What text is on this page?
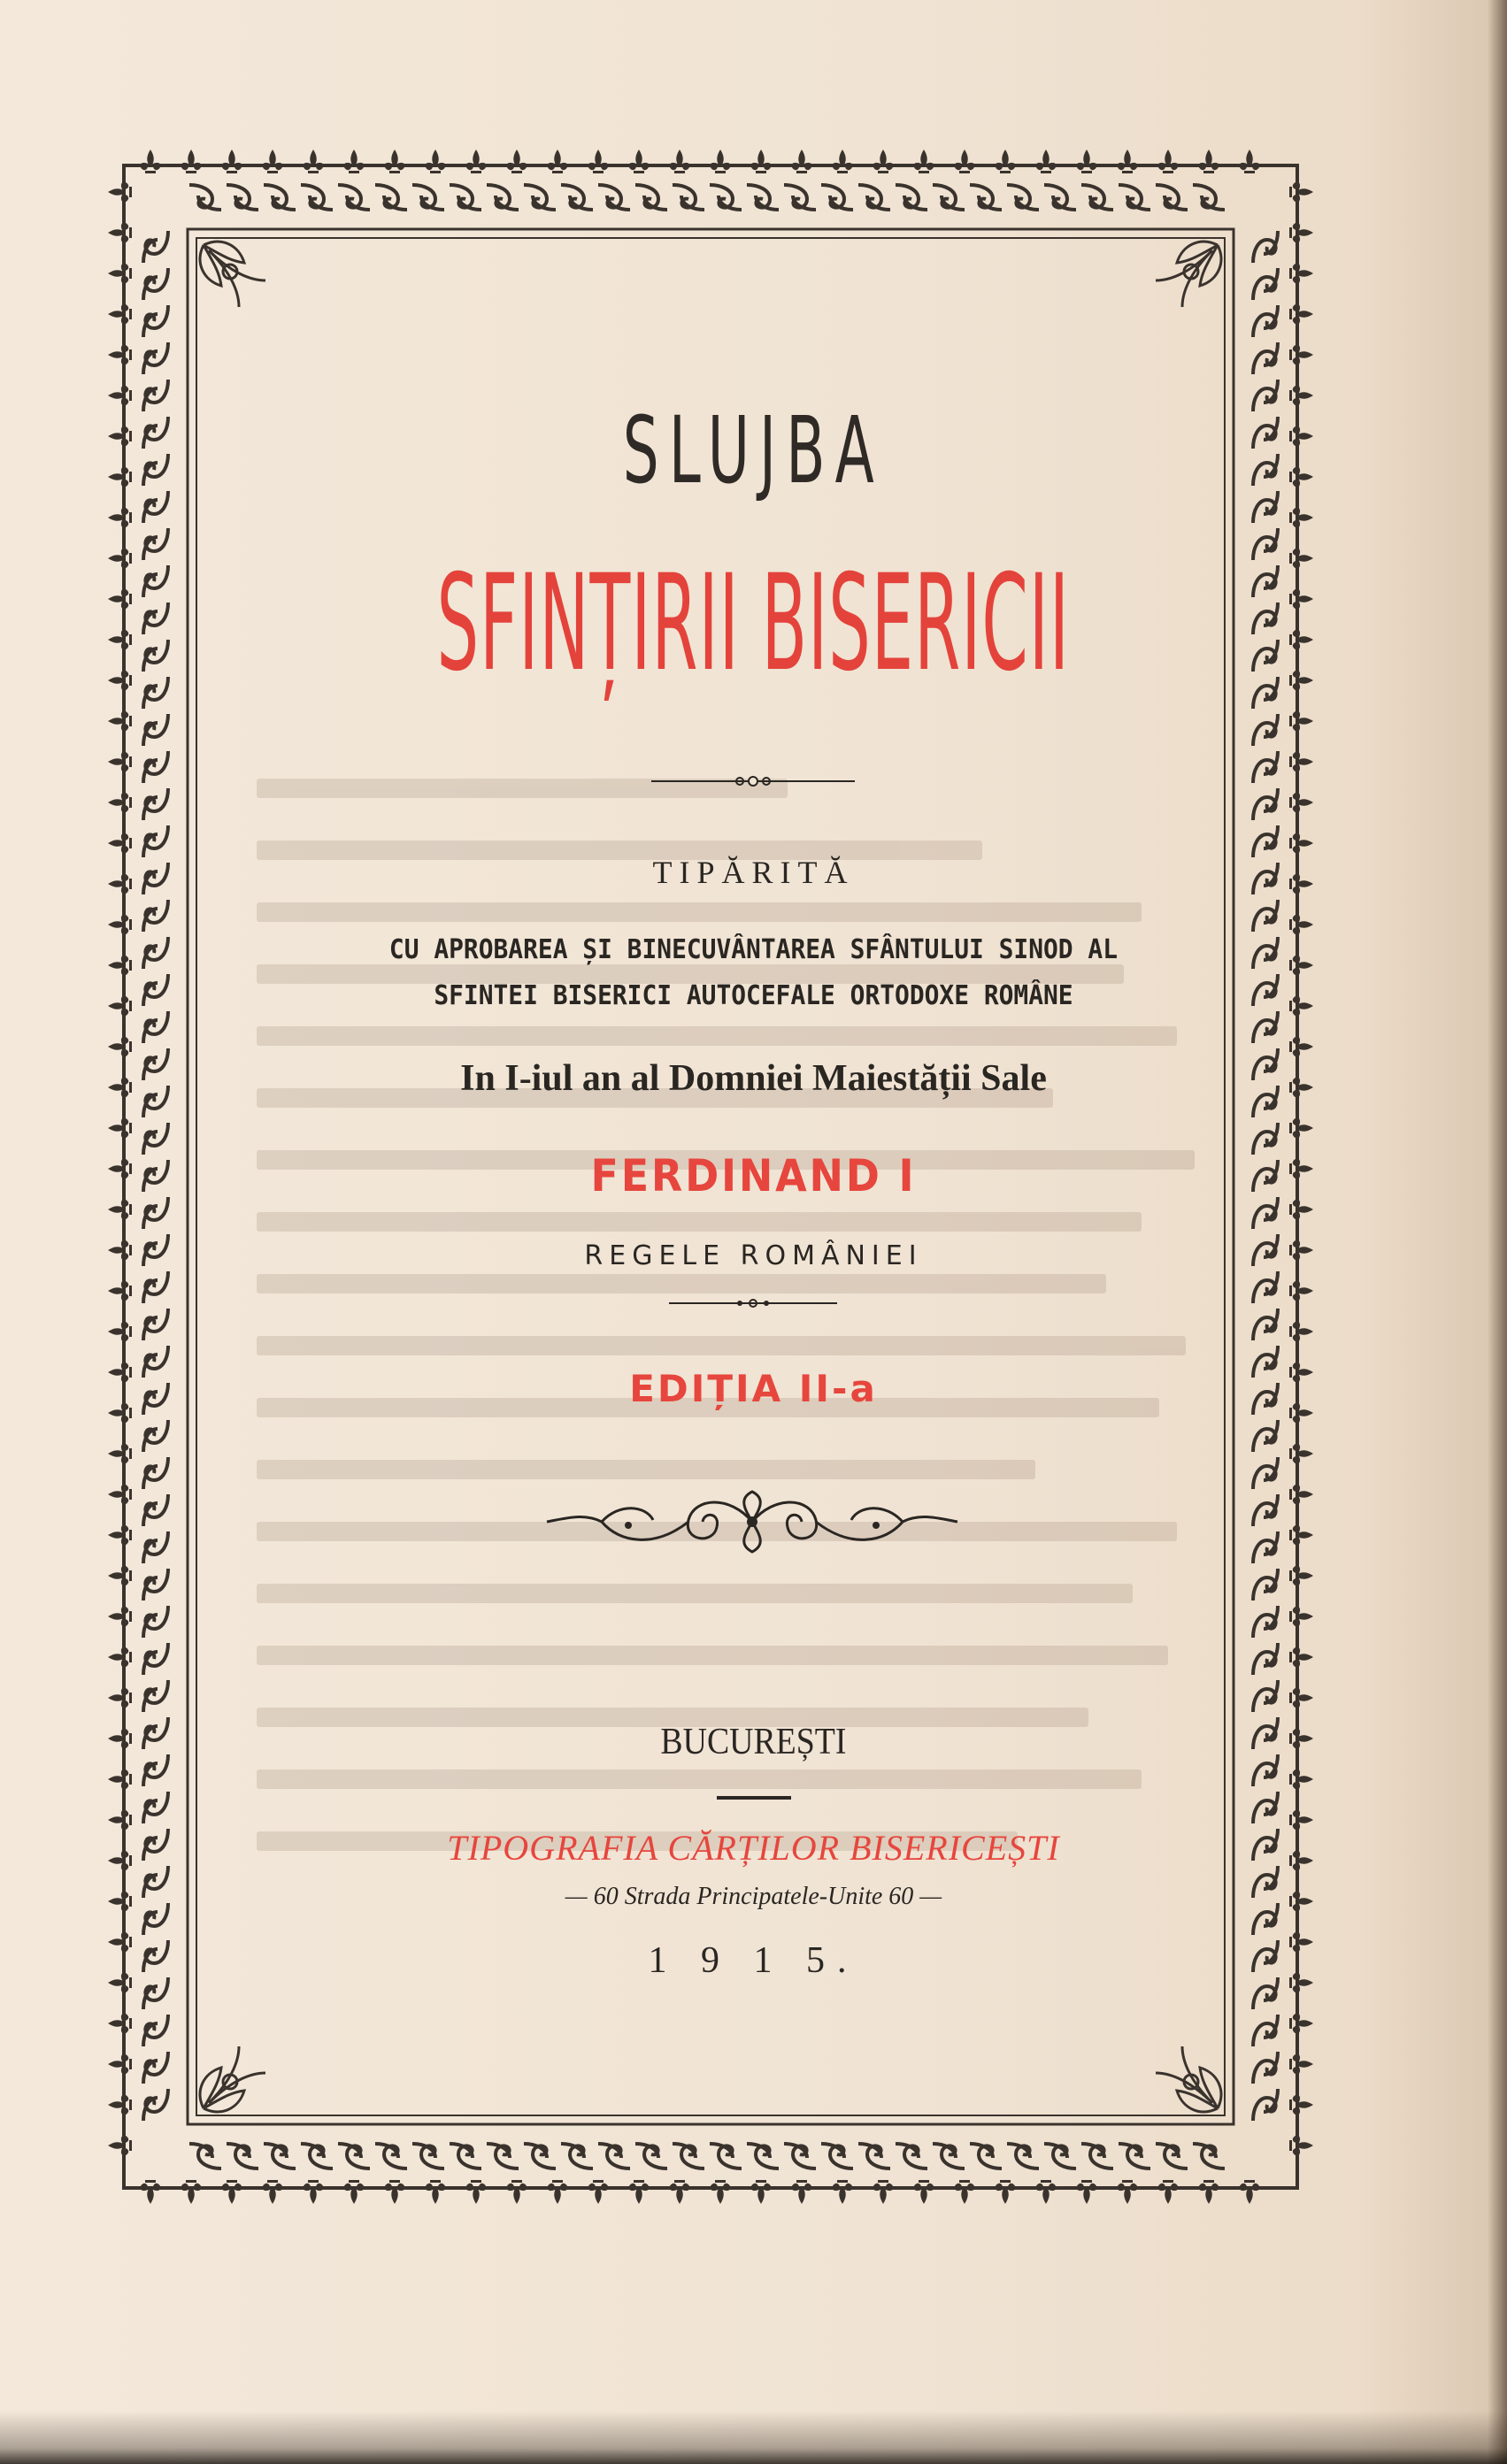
SLUJBA
SFINȚIRII BISERICII
TIPĂRITĂ
CU APROBAREA ȘI BINECUVÂNTAREA SFÂNTULUI SINOD AL
SFINTEI BISERICI AUTOCEFALE ORTODOXE ROMÂNE
In I-iul an al Domniei Maiestății Sale
FERDINAND I
REGELE ROMÂNIEI
EDIȚIA II-a
BUCUREȘTI
TIPOGRAFIA CĂRȚILOR BISERICEȘTI
— 60 Strada Principatele-Unite 60 —
1 9 1 5.
